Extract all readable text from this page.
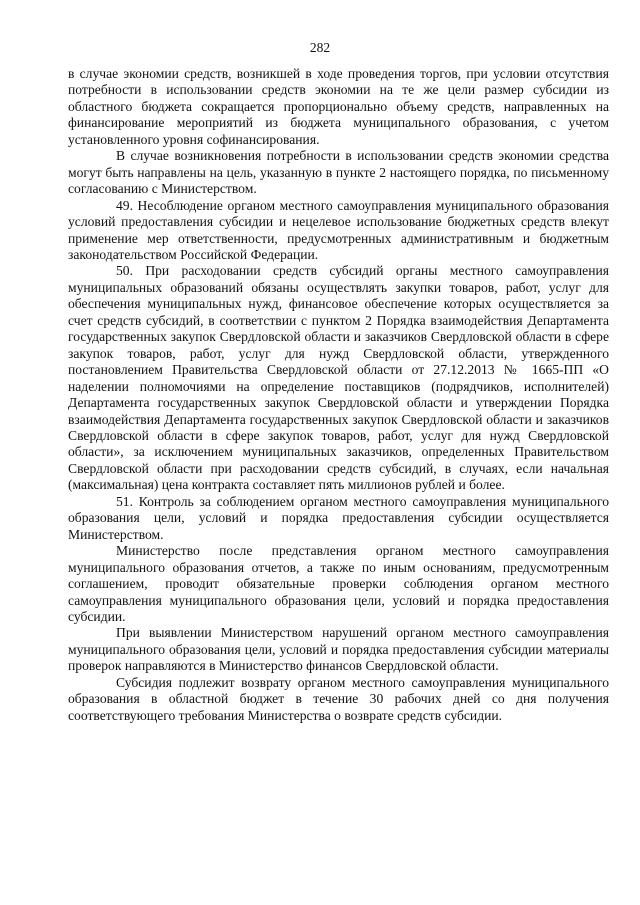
282

в случае экономии средств, возникшей в ходе проведения торгов, при условии отсутствия потребности в использовании средств экономии на те же цели размер субсидии из областного бюджета сокращается пропорционально объему средств, направленных на финансирование мероприятий из бюджета муниципального образования, с учетом установленного уровня софинансирования.

В случае возникновения потребности в использовании средств экономии средства могут быть направлены на цель, указанную в пункте 2 настоящего порядка, по письменному согласованию с Министерством.

49. Несоблюдение органом местного самоуправления муниципального образования условий предоставления субсидии и нецелевое использование бюджетных средств влекут применение мер ответственности, предусмотренных административным и бюджетным законодательством Российской Федерации.

50. При расходовании средств субсидий органы местного самоуправления муниципальных образований обязаны осуществлять закупки товаров, работ, услуг для обеспечения муниципальных нужд, финансовое обеспечение которых осуществляется за счет средств субсидий, в соответствии с пунктом 2 Порядка взаимодействия Департамента государственных закупок Свердловской области и заказчиков Свердловской области в сфере закупок товаров, работ, услуг для нужд Свердловской области, утвержденного постановлением Правительства Свердловской области от 27.12.2013 № 1665-ПП «О наделении полномочиями на определение поставщиков (подрядчиков, исполнителей) Департамента государственных закупок Свердловской области и утверждении Порядка взаимодействия Департамента государственных закупок Свердловской области и заказчиков Свердловской области в сфере закупок товаров, работ, услуг для нужд Свердловской области», за исключением муниципальных заказчиков, определенных Правительством Свердловской области при расходовании средств субсидий, в случаях, если начальная (максимальная) цена контракта составляет пять миллионов рублей и более.

51. Контроль за соблюдением органом местного самоуправления муниципального образования цели, условий и порядка предоставления субсидии осуществляется Министерством.

Министерство после представления органом местного самоуправления муниципального образования отчетов, а также по иным основаниям, предусмотренным соглашением, проводит обязательные проверки соблюдения органом местного самоуправления муниципального образования цели, условий и порядка предоставления субсидии.

При выявлении Министерством нарушений органом местного самоуправления муниципального образования цели, условий и порядка предоставления субсидии материалы проверок направляются в Министерство финансов Свердловской области.

Субсидия подлежит возврату органом местного самоуправления муниципального образования в областной бюджет в течение 30 рабочих дней со дня получения соответствующего требования Министерства о возврате средств субсидии.
